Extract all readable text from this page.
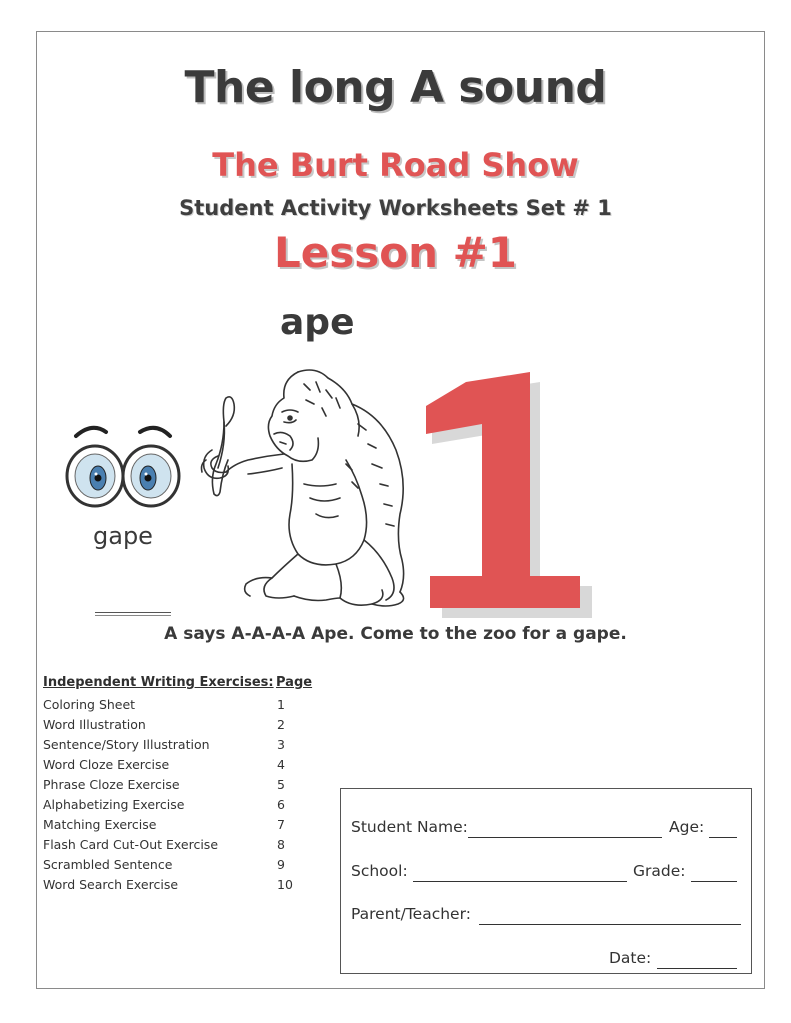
The long A sound
The Burt Road Show
Student Activity Worksheets Set # 1
Lesson #1
ape
gape
A says A-A-A-A Ape. Come to the zoo for a gape.
Independent Writing Exercises: Page
Coloring Sheet	1
Word Illustration	2
Sentence/Story Illustration	3
Word Cloze Exercise	4
Phrase Cloze Exercise	5
Alphabetizing Exercise	6
Matching Exercise	7
Flash Card Cut-Out Exercise	8
Scrambled Sentence	9
Word Search Exercise	10
Student Name:	Age:
School:	Grade:
Parent/Teacher:
Date:
